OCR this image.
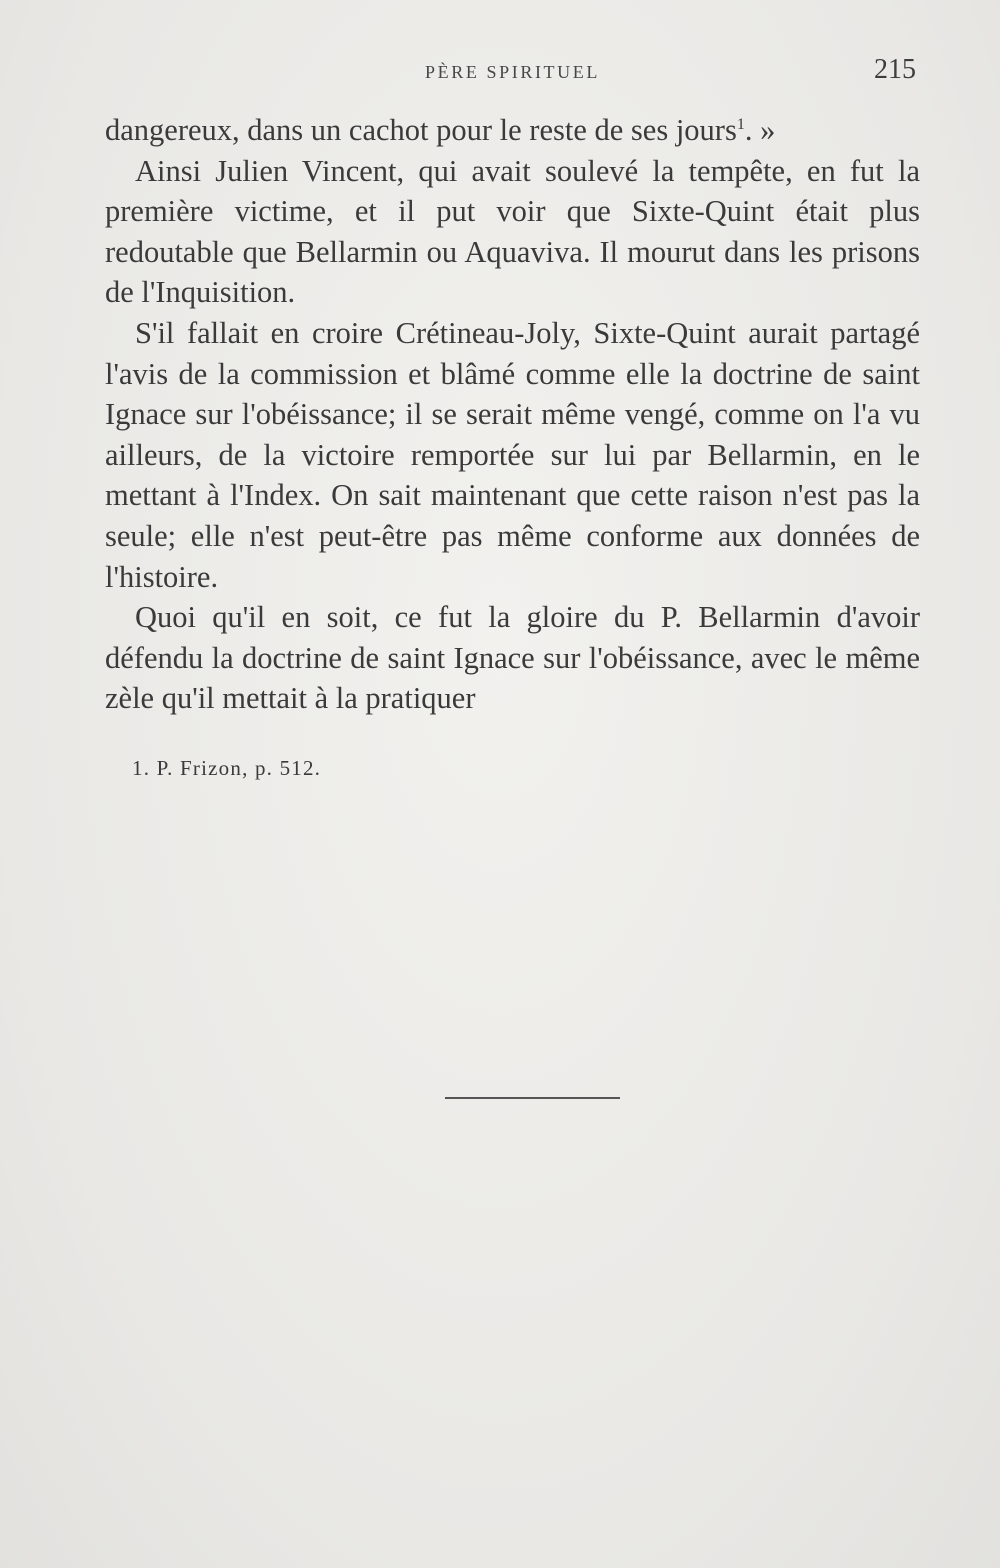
PÈRE SPIRITUEL	215

dangereux, dans un cachot pour le reste de ses jours$^1$. »

Ainsi Julien Vincent, qui avait soulevé la tempête, en fut la première victime, et il put voir que Sixte-Quint était plus redoutable que Bellarmin ou Aquaviva. Il mourut dans les prisons de l'Inquisition.

S'il fallait en croire Crétineau-Joly, Sixte-Quint aurait partagé l'avis de la commission et blâmé comme elle la doctrine de saint Ignace sur l'obéissance; il se serait même vengé, comme on l'a vu ailleurs, de la victoire remportée sur lui par Bellarmin, en le mettant à l'Index. On sait maintenant que cette raison n'est pas la seule; elle n'est peut-être pas même conforme aux données de l'histoire.

Quoi qu'il en soit, ce fut la gloire du P. Bellarmin d'avoir défendu la doctrine de saint Ignace sur l'obéissance, avec le même zèle qu'il mettait à la pratiquer

1. P. Frizon, p. 512.
